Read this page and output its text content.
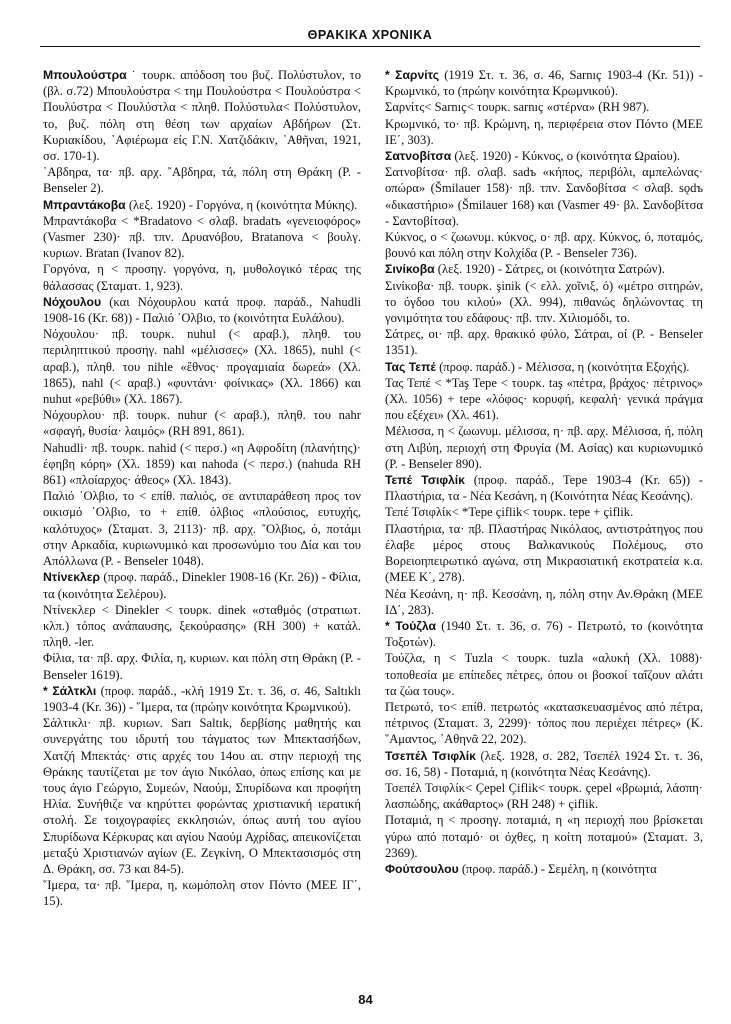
ΘΡΑΚΙΚΑ ΧΡΟΝΙΚΑ

Μπουλούστρα ˙ τουρκ. απόδοση του βυζ. Πολύστυλον, το (βλ. σ.72) Μπουλούστρα < τημ Πουλούστρα < Πουλούστρα < Πουλύστρα < Πουλύστλα < πληθ. Πολύστυλα< Πολύστυλον, το, βυζ. πόλη στη θέση των αρχαίων Αβδήρων (Στ. Κυριακίδου, ᾿Αφιέρωμα είς Γ.Ν. Χατζιδάκιν, ᾿Αθῆναι, 1921, σσ. 170-1).

᾿Αβδηρα, τα· πβ. αρχ. ῎Αβδηρα, τά, πόλη στη Θράκη (P. - Benseler 2).

Μπραντάκοβα (λεξ. 1920) - Γοργόνα, η (κοινότητα Μύκης).

Μπραντάκοβα < *Bradatovo < σλαβ. bradatъ «γενειοφόρος» (Vasmer 230)· πβ. τπν. Δρυανόβου, Bratanova < βουλγ. κυριων. Bratan (Ivanov 82).

Γοργόνα, η < προσηγ. γοργόνα, η, μυθολογικό τέρας της θάλασσας (Σταματ. 1, 923).

Νόχουλου (και Νόχουρλου κατά προφ. παράδ., Nahudli 1908-16 (Kr. 68)) - Παλιό ᾿Ολβιο, το (κοινότητα Ευλάλου).

Νόχουλου· πβ. τουρκ. nuhul (< αραβ.), πληθ. του περιληπτικού προσηγ. nahl «μέλισσες» (Χλ. 1865), nuhl (< αραβ.), πληθ. του nihle «ἔθνος· προγαμιαία δωρεά» (Χλ. 1865), nahl (< αραβ.) «φυντάνι· φοίνικας» (Χλ. 1866) και nuhut «ρεβύθι» (Χλ. 1867).

Νόχουρλου· πβ. τουρκ. nuhur (< αραβ.), πληθ. του nahr «σφαγή, θυσία· λαιμός» (RH 891, 861).

Nahudli· πβ. τουρκ. nahid (< περσ.) «η Αφροδίτη (πλανήτης)· έφηβη κόρη» (Χλ. 1859) και nahoda (< περσ.) (nahuda RH 861) «πλοίαρχος· άθεος» (Χλ. 1843).

Παλιό ᾿Ολβιο, το < επίθ. παλιός, σε αντιπαράθεση προς τον οικισμό ᾿Ολβιο, το + επίθ. όλβιος «πλούσιος, ευτυχής, καλότυχος» (Σταματ. 3, 2113)· πβ. αρχ. ῎Ολβιος, ό, ποτάμι στην Αρκαδία, κυριωνυμικό και προσωνύμιο του Δία και του Απόλλωνα (P. - Benseler 1048).

Ντίνεκλερ (προφ. παράδ., Dinekler 1908-16 (Kr. 26)) - Φίλια, τα (κοινότητα Σελέρου).

Ντίνεκλερ < Dinekler < τουρκ. dinek «σταθμός (στρατιωτ. κλπ.) τόπος ανάπαυσης, ξεκούρασης» (RH 300) + κατάλ. πληθ. -ler.

Φίλια, τα· πβ. αρχ. Φιλία, η, κυριων. και πόλη στη Θράκη (P. - Benseler 1619).

* Σάλτκλι (προφ. παράδ., -κλή 1919 Στ. τ. 36, σ. 46, Saltıklı 1903-4 (Kr. 36)) - ῞Ιμερα, τα (πρώην κοινότητα Κρωμνικού).

Σάλτικλι· πβ. κυριων. Sarı Saltık, δερβίσης μαθητής και συνεργάτης του ιδρυτή του τάγματος των Μπεκτασήδων, Χατζή Μπεκτάς· στις αρχές του 14ου αι. στην περιοχή της Θράκης ταυτίζεται με τον άγιο Νικόλαο, όπως επίσης και με τους άγιο Γεώργιο, Συμεών, Ναούμ, Σπυρίδωνα και προφήτη Ηλία. Συνήθιζε να κηρύττει φορώντας χριστιανική ιερατική στολή. Σε τοιχογραφίες εκκλησιών, όπως αυτή του αγίου Σπυρίδωνα Κέρκυρας και αγίου Ναούμ Αχρίδας, απεικονίζεται μεταξύ Χριστιανών αγίων (Ε. Ζεγκίνη, Ο Μπεκτασισμός στη Δ. Θράκη, σσ. 73 και 84-5).

῞Ιμερα, τα· πβ. ῞Ιμερα, η, κωμόπολη στον Πόντο (ΜΕΕ ΙΓ΄, 15).

* Σαρνίτς (1919 Στ. τ. 36, σ. 46, Sarnıç 1903-4 (Kr. 51)) - Κρωμνικό, το (πρώην κοινότητα Κρωμνικού).

Σαρνίτς< Sarnıç< τουρκ. sarnıç «στέρνα» (RH 987).

Κρωμνικό, το· πβ. Κρώμνη, η, περιφέρεια στον Πόντο (ΜΕΕ ΙΕ΄, 303).

Σατνοβίτσα (λεξ. 1920) - Κύκνος, ο (κοινότητα Ωραίου).

Σατνοβίτσα· πβ. σλαβ. sadъ «κήπος, περιβόλι, αμπελώνας· οπώρα» (Šmilauer 158)· πβ. τπν. Σανδοβίτσα < σλαβ. sǫdъ «δικαστήριο» (Šmilauer 168) και (Vasmer 49· βλ. Σανδοβίτσα - Σαντοβίτσα).

Κύκνος, ο < ζωωνυμ. κύκνος, ο· πβ. αρχ. Κύκνος, ό, ποταμός, βουνό και πόλη στην Κολχίδα (P. - Benseler 736).

Σινίκοβα (λεξ. 1920) - Σάτρες, οι (κοινότητα Σατρών).

Σινίκοβα· πβ. τουρκ. şinik (< ελλ. χοῖνιξ, ό) «μέτρο σιτηρών, το όγδοο του κιλού» (Χλ. 994), πιθανώς δηλώνοντας τη γονιμότητα του εδάφους· πβ. τπν. Χιλιομόδι, το.

Σάτρες, οι· πβ. αρχ. θρακικό φύλο, Σάτραι, οί (P. - Benseler 1351).

Τας Τεπέ (προφ. παράδ.) - Μέλισσα, η (κοινότητα Εξοχής).

Τας Τεπέ < *Taş Tepe < τουρκ. taş «πέτρα, βράχος· πέτρινος» (Χλ. 1056) + tepe «λόφος· κορυφή, κεφαλή· γενικά πράγμα που εξέχει» (Χλ. 461).

Μέλισσα, η < ζωωνυμ. μέλισσα, η· πβ. αρχ. Μέλισσα, ή, πόλη στη Λιβύη, περιοχή στη Φρυγία (Μ. Ασίας) και κυριωνυμικό (P. - Benseler 890).

Τεπέ Τσιφλίκ (προφ. παράδ., Tepe 1903-4 (Kr. 65)) - Πλαστήρια, τα - Νέα Κεσάνη, η (Κοινότητα Νέας Κεσάνης).

Τεπέ Τσιφλίκ< *Tepe çiflik< τουρκ. tepe + çiflik.

Πλαστήρια, τα· πβ. Πλαστήρας Νικόλαος, αντιστράτηγος που έλαβε μέρος στους Βαλκανικούς Πολέμους, στο Βορειοηπειρωτικό αγώνα, στη Μικρασιατική εκστρατεία κ.α. (ΜΕΕ Κ΄, 278).

Νέα Κεσάνη, η· πβ. Κεσσάνη, η, πόλη στην Αν.Θράκη (ΜΕΕ ΙΔ΄, 283).

* Τούζλα (1940 Στ. τ. 36, σ. 76) - Πετρωτό, το (κοινότητα Τοξοτών).

Τούζλα, η < Tuzla < τουρκ. tuzla «αλυκή (Χλ. 1088)· τοποθεσία με επίπεδες πέτρες, όπου οι βοσκοί ταΐζουν αλάτι τα ζώα τους».

Πετρωτό, το< επίθ. πετρωτός «κατασκευασμένος από πέτρα, πέτρινος (Σταματ. 3, 2299)· τόπος που περιέχει πέτρες» (Κ. ῞Αμαντος, ᾿Αθηνᾶ 22, 202).

Τσεπέλ Τσιφλίκ (λεξ. 1928, σ. 282, Τσεπέλ 1924 Στ. τ. 36, σσ. 16, 58) - Ποταμιά, η (κοινότητα Νέας Κεσάνης).

Τσεπέλ Τσιφλίκ< Çepel Çiflik< τουρκ. çepel «βρωμιά, λάσπη· λασπώδης, ακάθαρτος» (RH 248) + çiflik.

Ποταμιά, η < προσηγ. ποταμιά, η «η περιοχή που βρίσκεται γύρω από ποταμό· οι όχθες, η κοίτη ποταμού» (Σταματ. 3, 2369).

Φούτσουλου (προφ. παράδ.) - Σεμέλη, η (κοινότητα

84
